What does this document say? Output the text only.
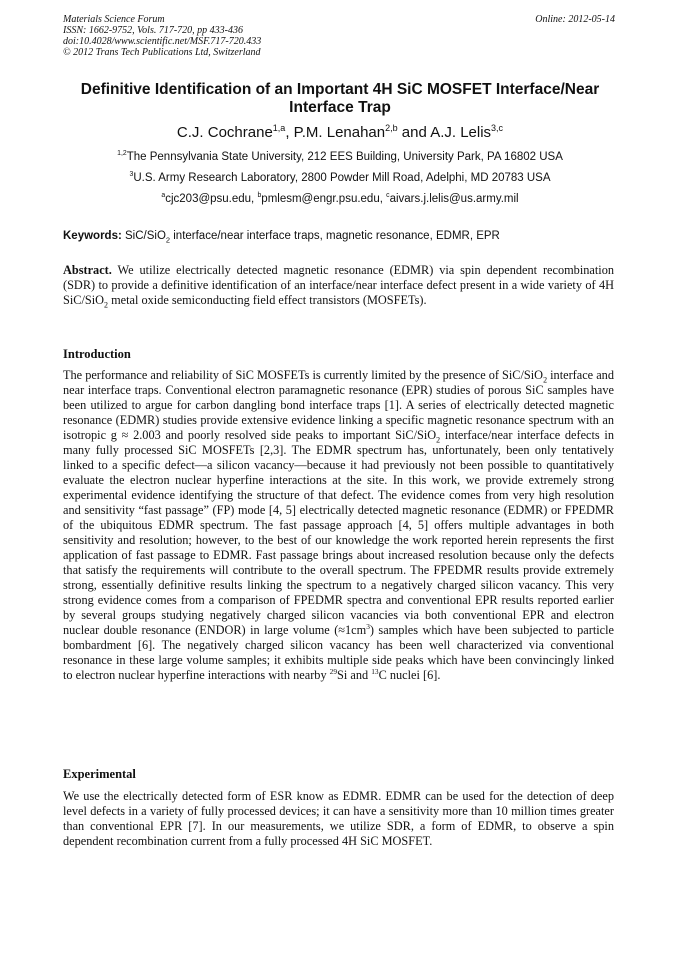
Materials Science Forum
ISSN: 1662-9752, Vols. 717-720, pp 433-436
doi:10.4028/www.scientific.net/MSF.717-720.433
© 2012 Trans Tech Publications Ltd, Switzerland
Online: 2012-05-14
Definitive Identification of an Important 4H SiC MOSFET Interface/Near
Interface Trap
C.J. Cochrane$^{1,a}$, P.M. Lenahan$^{2,b}$ and A.J. Lelis$^{3,c}$
$^{1,2}$The Pennsylvania State University, 212 EES Building, University Park, PA 16802 USA
$^3$U.S. Army Research Laboratory, 2800 Powder Mill Road, Adelphi, MD 20783 USA
$^a$cjc203@psu.edu, $^b$pmlesm@engr.psu.edu, $^c$aivars.j.lelis@us.army.mil
Keywords: SiC/SiO$_2$ interface/near interface traps, magnetic resonance, EDMR, EPR
Abstract. We utilize electrically detected magnetic resonance (EDMR) via spin dependent recombination (SDR) to provide a definitive identification of an interface/near interface defect present in a wide variety of 4H SiC/SiO$_2$ metal oxide semiconducting field effect transistors (MOSFETs).
Introduction
The performance and reliability of SiC MOSFETs is currently limited by the presence of SiC/SiO$_2$ interface and near interface traps. Conventional electron paramagnetic resonance (EPR) studies of porous SiC samples have been utilized to argue for carbon dangling bond interface traps [1]. A series of electrically detected magnetic resonance (EDMR) studies provide extensive evidence linking a specific magnetic resonance spectrum with an isotropic g ≈ 2.003 and poorly resolved side peaks to important SiC/SiO$_2$ interface/near interface defects in many fully processed SiC MOSFETs [2,3]. The EDMR spectrum has, unfortunately, been only tentatively linked to a specific defect—a silicon vacancy—because it had previously not been possible to quantitatively evaluate the electron nuclear hyperfine interactions at the site. In this work, we provide extremely strong experimental evidence identifying the structure of that defect. The evidence comes from very high resolution and sensitivity “fast passage” (FP) mode [4, 5] electrically detected magnetic resonance (EDMR) or FPEDMR of the ubiquitous EDMR spectrum. The fast passage approach [4, 5] offers multiple advantages in both sensitivity and resolution; however, to the best of our knowledge the work reported herein represents the first application of fast passage to EDMR. Fast passage brings about increased resolution because only the defects that satisfy the requirements will contribute to the overall spectrum. The FPEDMR results provide extremely strong, essentially definitive results linking the spectrum to a negatively charged silicon vacancy. This very strong evidence comes from a comparison of FPEDMR spectra and conventional EPR results reported earlier by several groups studying negatively charged silicon vacancies via both conventional EPR and electron nuclear double resonance (ENDOR) in large volume $(\approx 1cm^3)$ samples which have been subjected to particle bombardment [6]. The negatively charged silicon vacancy has been well characterized via conventional resonance in these large volume samples; it exhibits multiple side peaks which have been convincingly linked to electron nuclear hyperfine interactions with nearby $^{29}$Si and $^{13}$C nuclei [6].
Experimental
We use the electrically detected form of ESR know as EDMR. EDMR can be used for the detection of deep level defects in a variety of fully processed devices; it can have a sensitivity more than 10 million times greater than conventional EPR [7]. In our measurements, we utilize SDR, a form of EDMR, to observe a spin dependent recombination current from a fully processed 4H SiC MOSFET.
